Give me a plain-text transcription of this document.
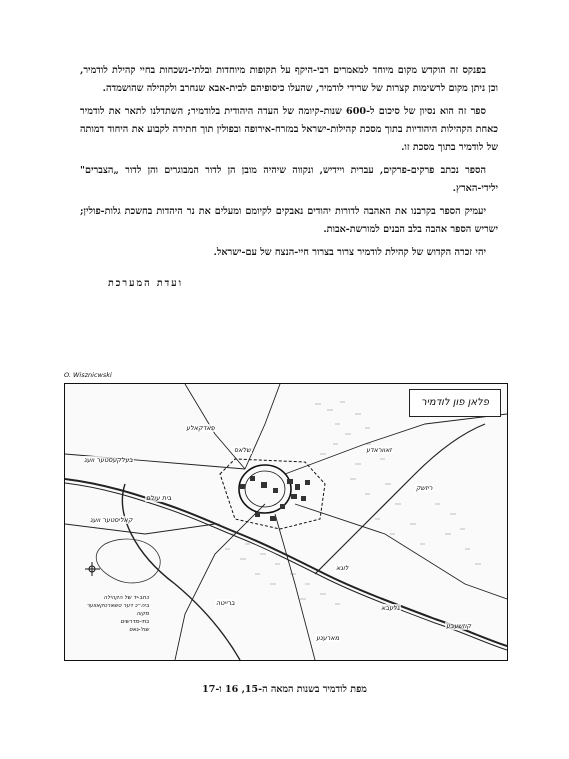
בפנקס זה הוקדש מקום מיוחד למאמרים רבי-היקף על תקופות מיוחדות ובלתי-נשכחות בחיי קהילת לודמיר, וכן ניתן מקום לרשימות קצרות של שרידי לודמיר, שהעלו כיסופיהם לבית-אבא שנחרב ולקהילה שהושמדה.

ספר זה הוא נסיון של סיכום ל-600 שנות-קיומה של העדה היהודית בלודמיר; השתדלנו לתאר את לודמיר כאחת הקהילות היהודיות בתוך מסכת קהילות-ישראל במזרח-אירופה ובפולין תוך חתירה לקבוע את היחוד דמותה של לודמיר בתוך מסכת זו.

הספר נכתב פרקים-פרקים, עברית ויידיש, ונקווה שיהיה מובן הן לדור המבוגרים והן לדור „הצברים" ילידי-הארץ.

יעמיק הספר בקרבנו את האהבה לדורות יהודים נאבקים לקיומם ומעלים את נר היהדות בחשכת גלות-פולין; ישריש הספר אהבה בלב הבנים למורשת-אבות.

יהי זכרה הקדוש של קהילת לודמיר צרור בצרור חיי-הנצח של עם-ישראל.

ועדת המערכת
O. Wisznicwski
פלאן פון לודמיר
בעלקעסטער וועג
פאדקאלע
זאווראדע
קאליסטער וועג
בית עולם
ריזשק
לוגא
שלאס
ברייטה
קוזשעבע
גלעבא
מארענע
כתב-יד של הקהילה
ביה״כ דער טשארטקאווער
מקוה
בתי-מדרשים
שול-גאס
מפת לודמיר בשנות המאה ה-15, 16 ו-17
